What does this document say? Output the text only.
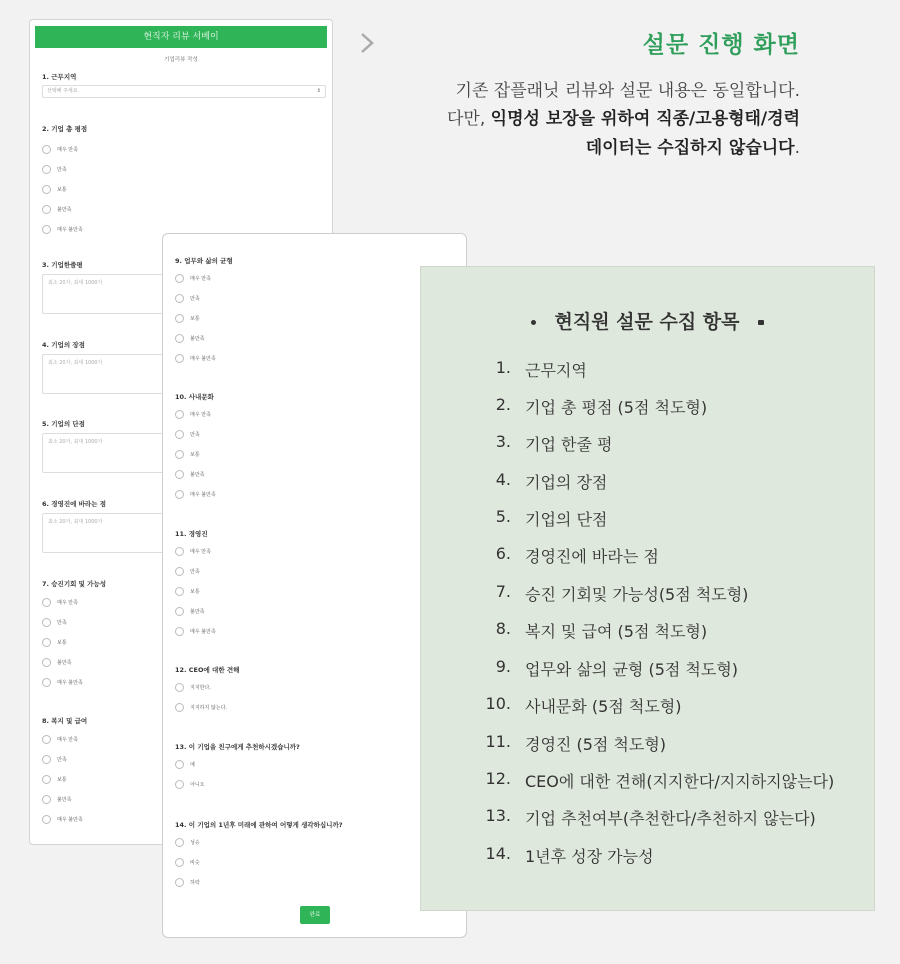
현직자 리뷰 서베이
기업리뷰 작성
1. 근무지역
선택해 주세요	⇕
2. 기업 총 평점
매우 만족
만족
보통
불만족
매우 불만족
3. 기업한줄평
최소 20자, 최대 1000자
4. 기업의 장점
최소 20자, 최대 1000자
5. 기업의 단점
최소 20자, 최대 1000자
6. 경영진에 바라는 점
최소 20자, 최대 1000자
7. 승진기회 및 가능성
매우 만족
만족
보통
불만족
매우 불만족
8. 복지 및 급여
매우 만족
만족
보통
불만족
매우 불만족
9. 업무와 삶의 균형
매우 만족
만족
보통
불만족
매우 불만족
10. 사내문화
매우 만족
만족
보통
불만족
매우 불만족
11. 경영진
매우 만족
만족
보통
불만족
매우 불만족
12. CEO에 대한 견해
지지한다.
지지하지 않는다.
13. 이 기업을 친구에게 추천하시겠습니까?
예
아니오
14. 이 기업의 1년후 미래에 관하여 어떻게 생각하십니까?
성승
비슷
하락
완료
설문 진행 화면
기존 잡플래닛 리뷰와 설문 내용은 동일합니다.
다만, 익명성 보장을 위하여 직종/고용형태/경력
데이터는 수집하지 않습니다.
현직원 설문 수집 항목
1. 근무지역
2. 기업 총 평점 (5점 척도형)
3. 기업 한줄 평
4. 기업의 장점
5. 기업의 단점
6. 경영진에 바라는 점
7. 승진 기회및 가능성(5점 척도형)
8. 복지 및 급여 (5점 척도형)
9. 업무와 삶의 균형 (5점 척도형)
10. 사내문화 (5점 척도형)
11. 경영진 (5점 척도형)
12. CEO에 대한 견해(지지한다/지지하지않는다)
13. 기업 추천여부(추천한다/추천하지 않는다)
14. 1년후 성장 가능성
